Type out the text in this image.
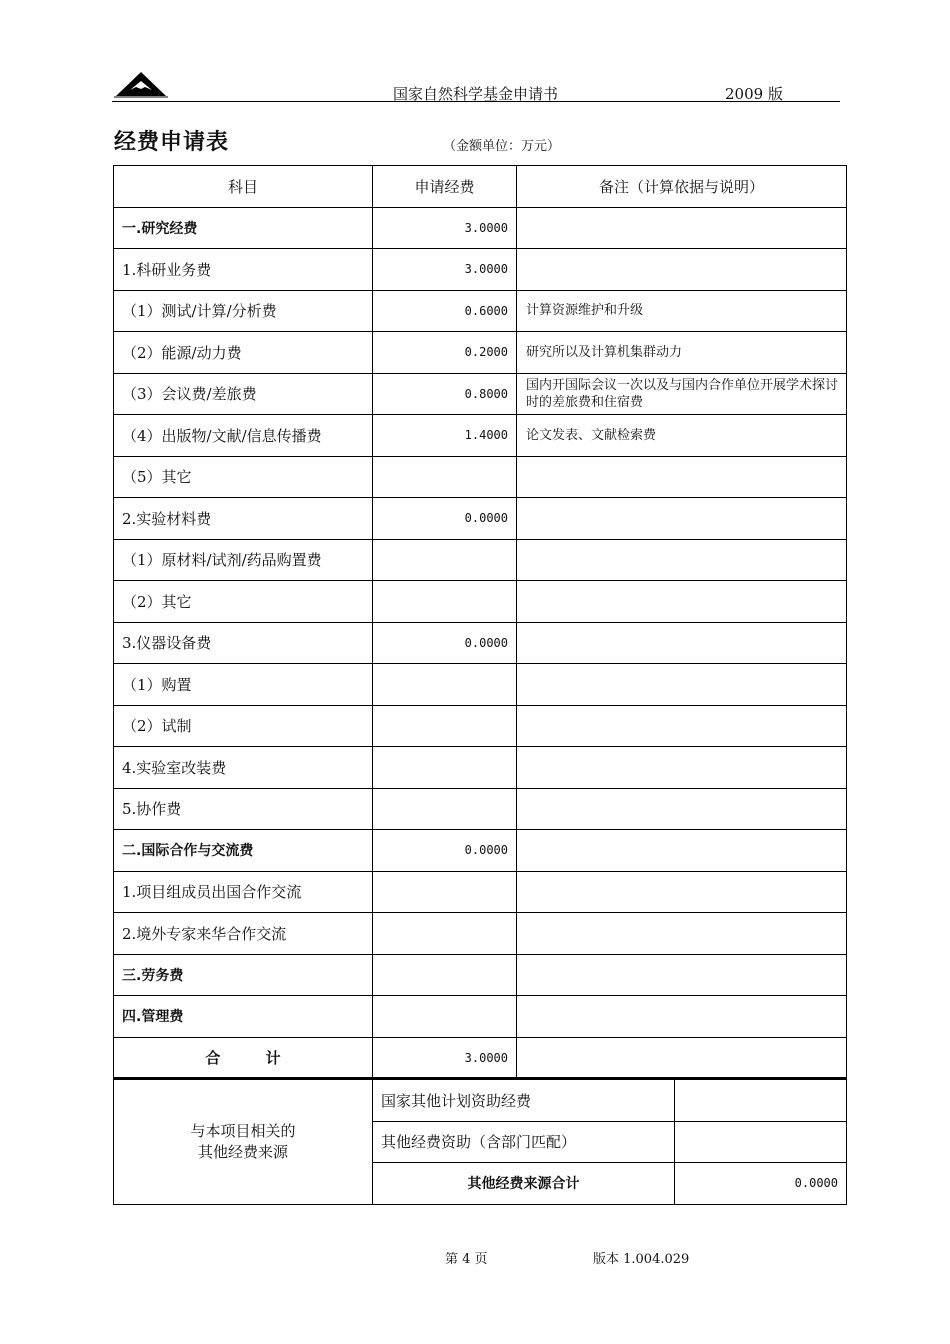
国家自然科学基金申请书	2009 版
经费申请表	（金额单位：万元）
科目	申请经费	备注（计算依据与说明）
一.研究经费	3.0000	
1.科研业务费	3.0000	
（1）测试/计算/分析费	0.6000	计算资源维护和升级
（2）能源/动力费	0.2000	研究所以及计算机集群动力
（3）会议费/差旅费	0.8000	国内开国际会议一次以及与国内合作单位开展学术探讨时的差旅费和住宿费
（4）出版物/文献/信息传播费	1.4000	论文发表、文献检索费
（5）其它		
2.实验材料费	0.0000	
（1）原材料/试剂/药品购置费		
（2）其它		
3.仪器设备费	0.0000	
（1）购置		
（2）试制		
4.实验室改装费		
5.协作费		
二.国际合作与交流费	0.0000	
1.项目组成员出国合作交流		
2.境外专家来华合作交流		
三.劳务费		
四.管理费		
合 计	3.0000	
与本项目相关的
其他经费来源	国家其他计划资助经费	
	其他经费资助（含部门匹配）	
	其他经费来源合计	0.0000
第 4 页	版本 1.004.029
